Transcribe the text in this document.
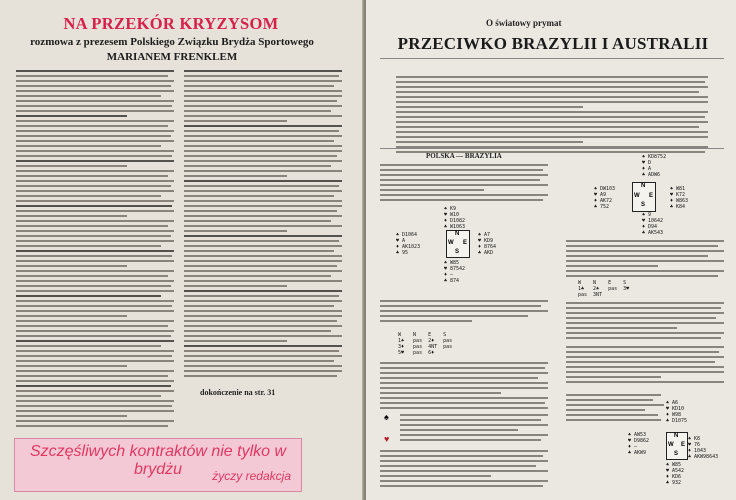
NA PRZEKÓR KRYZYSOM
rozmowa z prezesem Polskiego Związku Brydża Sportowego
MARIANEM FRENKLEM
dokończenie na str. 31
Szczęśliwych kontraktów nie tylko w brydżu	życzy redakcja
O światowy prymat
PRZECIWKO BRAZYLII I AUSTRALII
POLSKA — BRAZYLIA
♠ K9
♥ W10
♦ D1082
♣ W1063
♠ D1064
♥ A
♦ AK1023
♣ 95
N
W E
S
♠ A7
♥ KD9
♦ 8764
♣ AKD
♠ W85
♥ 87542
♦ —
♣ 874
W    N    E    S
1♠   pas  2♦   pas
3♦   pas  4NT  pas
5♥   pas  6♦
♠
♥
♠ KD8752
♥ D
♦ A
♣ ADW6
♠ DW103
♥ A9
♦ AK72
♣ 752
N
W E
S
♠ W81
♥ K72
♦ W863
♣ K84
♠ 9
♥ 10642
♦ D94
♣ AK543
W    N    E    S
1♣   2♠   pas  3♥
pas  3NT
♠ A6
♥ KD10
♦ W98
♣ D1075
♠ AW53
♥ D9862
♦ —
♣ AKW9
N
W E
S
♠ K8
♥ 76
♦ 1043
♣ AKW98643
♠ W85
♥ A542
♦ KD6
♣ 932
